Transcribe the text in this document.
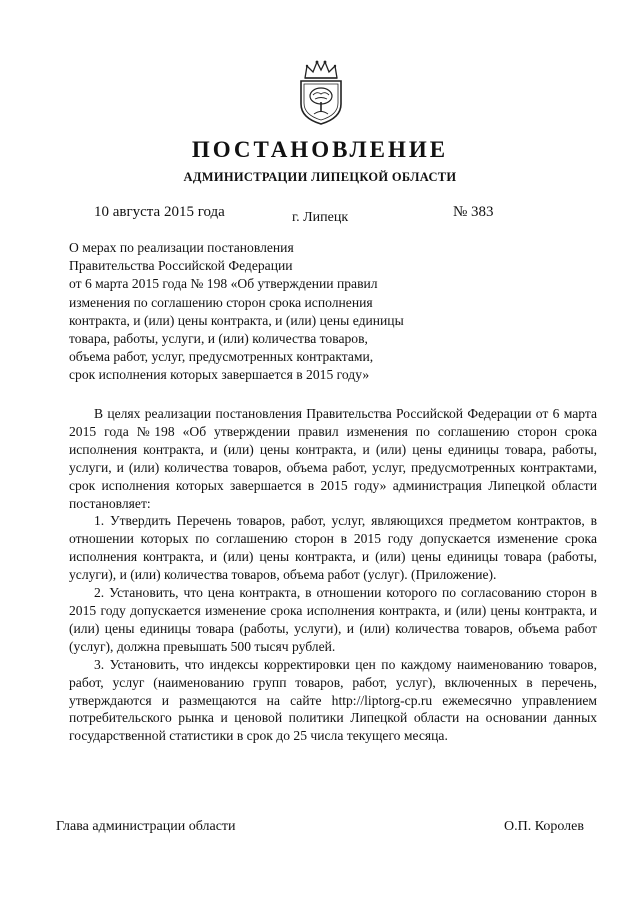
ПОСТАНОВЛЕНИЕ
АДМИНИСТРАЦИИ ЛИПЕЦКОЙ ОБЛАСТИ
10 августа 2015 года	г. Липецк	№ 383
О мерах по реализации постановления
Правительства Российской Федерации
от 6 марта 2015 года № 198 «Об утверждении правил
изменения по соглашению сторон срока исполнения
контракта, и (или) цены контракта, и (или) цены единицы
товара, работы, услуги, и (или) количества товаров,
объема работ, услуг, предусмотренных контрактами,
срок исполнения которых завершается в 2015 году»

В целях реализации постановления Правительства Российской Федерации от 6 марта 2015 года №198 «Об утверждении правил изменения по соглашению сторон срока исполнения контракта, и (или) цены контракта, и (или) цены единицы товара, работы, услуги, и (или) количества товаров, объема работ, услуг, предусмотренных контрактами, срок исполнения которых завершается в 2015 году» администрация Липецкой области постановляет:

1. Утвердить Перечень товаров, работ, услуг, являющихся предметом контрактов, в отношении которых по соглашению сторон в 2015 году допускается изменение срока исполнения контракта, и (или) цены контракта, и (или) цены единицы товара (работы, услуги), и (или) количества товаров, объема работ (услуг). (Приложение).

2. Установить, что цена контракта, в отношении которого по согласованию сторон в 2015 году допускается изменение срока исполнения контракта, и (или) цены контракта, и (или) цены единицы товара (работы, услуги), и (или) количества товаров, объема работ (услуг), должна превышать 500 тысяч рублей.

3. Установить, что индексы корректировки цен по каждому наименованию товаров, работ, услуг (наименованию групп товаров, работ, услуг), включенных в перечень, утверждаются и размещаются на сайте http://liptorg-cp.ru ежемесячно управлением потребительского рынка и ценовой политики Липецкой области на основании данных государственной статистики в срок до 25 числа текущего месяца.

Глава администрации области	О.П. Королев
